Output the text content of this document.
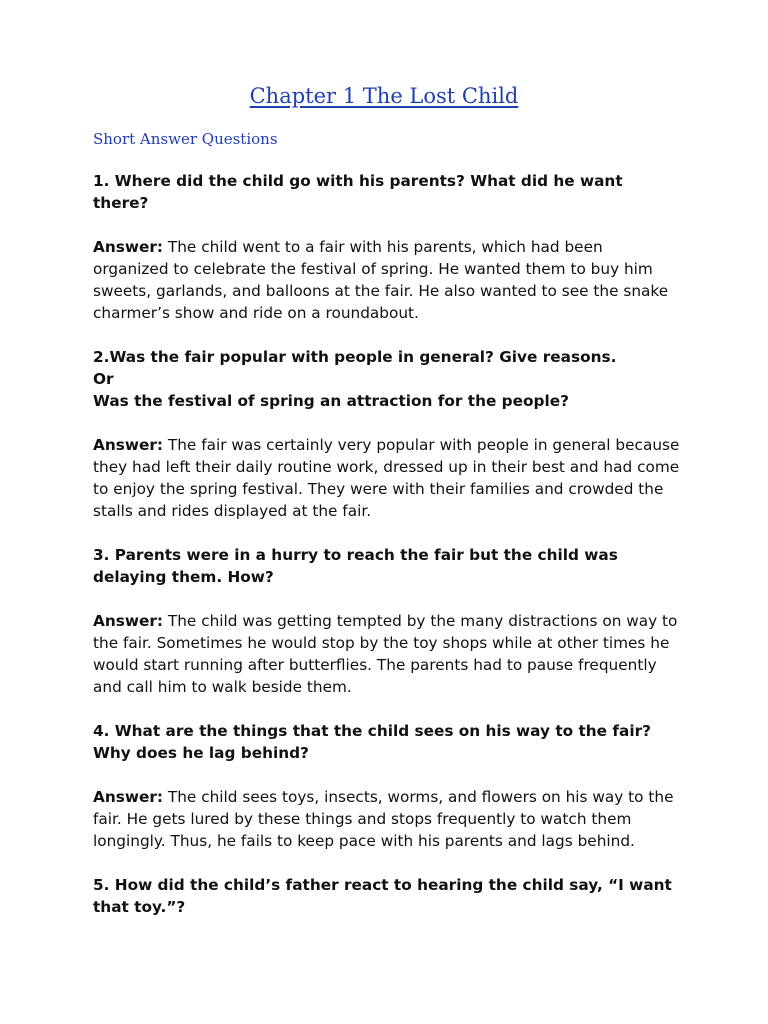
Chapter 1 The Lost Child
Short Answer Questions
1. Where did the child go with his parents? What did he want there?
Answer: The child went to a fair with his parents, which had been organized to celebrate the festival of spring. He wanted them to buy him sweets, garlands, and balloons at the fair. He also wanted to see the snake charmer’s show and ride on a roundabout.
2.Was the fair popular with people in general? Give reasons.
Or
Was the festival of spring an attraction for the people?
Answer: The fair was certainly very popular with people in general because they had left their daily routine work, dressed up in their best and had come to enjoy the spring festival. They were with their families and crowded the stalls and rides displayed at the fair.
3. Parents were in a hurry to reach the fair but the child was delaying them. How?
Answer: The child was getting tempted by the many distractions on way to the fair. Sometimes he would stop by the toy shops while at other times he would start running after butterflies. The parents had to pause frequently and call him to walk beside them.
4. What are the things that the child sees on his way to the fair? Why does he lag behind?
Answer: The child sees toys, insects, worms, and flowers on his way to the fair. He gets lured by these things and stops frequently to watch them longingly. Thus, he fails to keep pace with his parents and lags behind.
5. How did the child’s father react to hearing the child say, “I want that toy.”?
